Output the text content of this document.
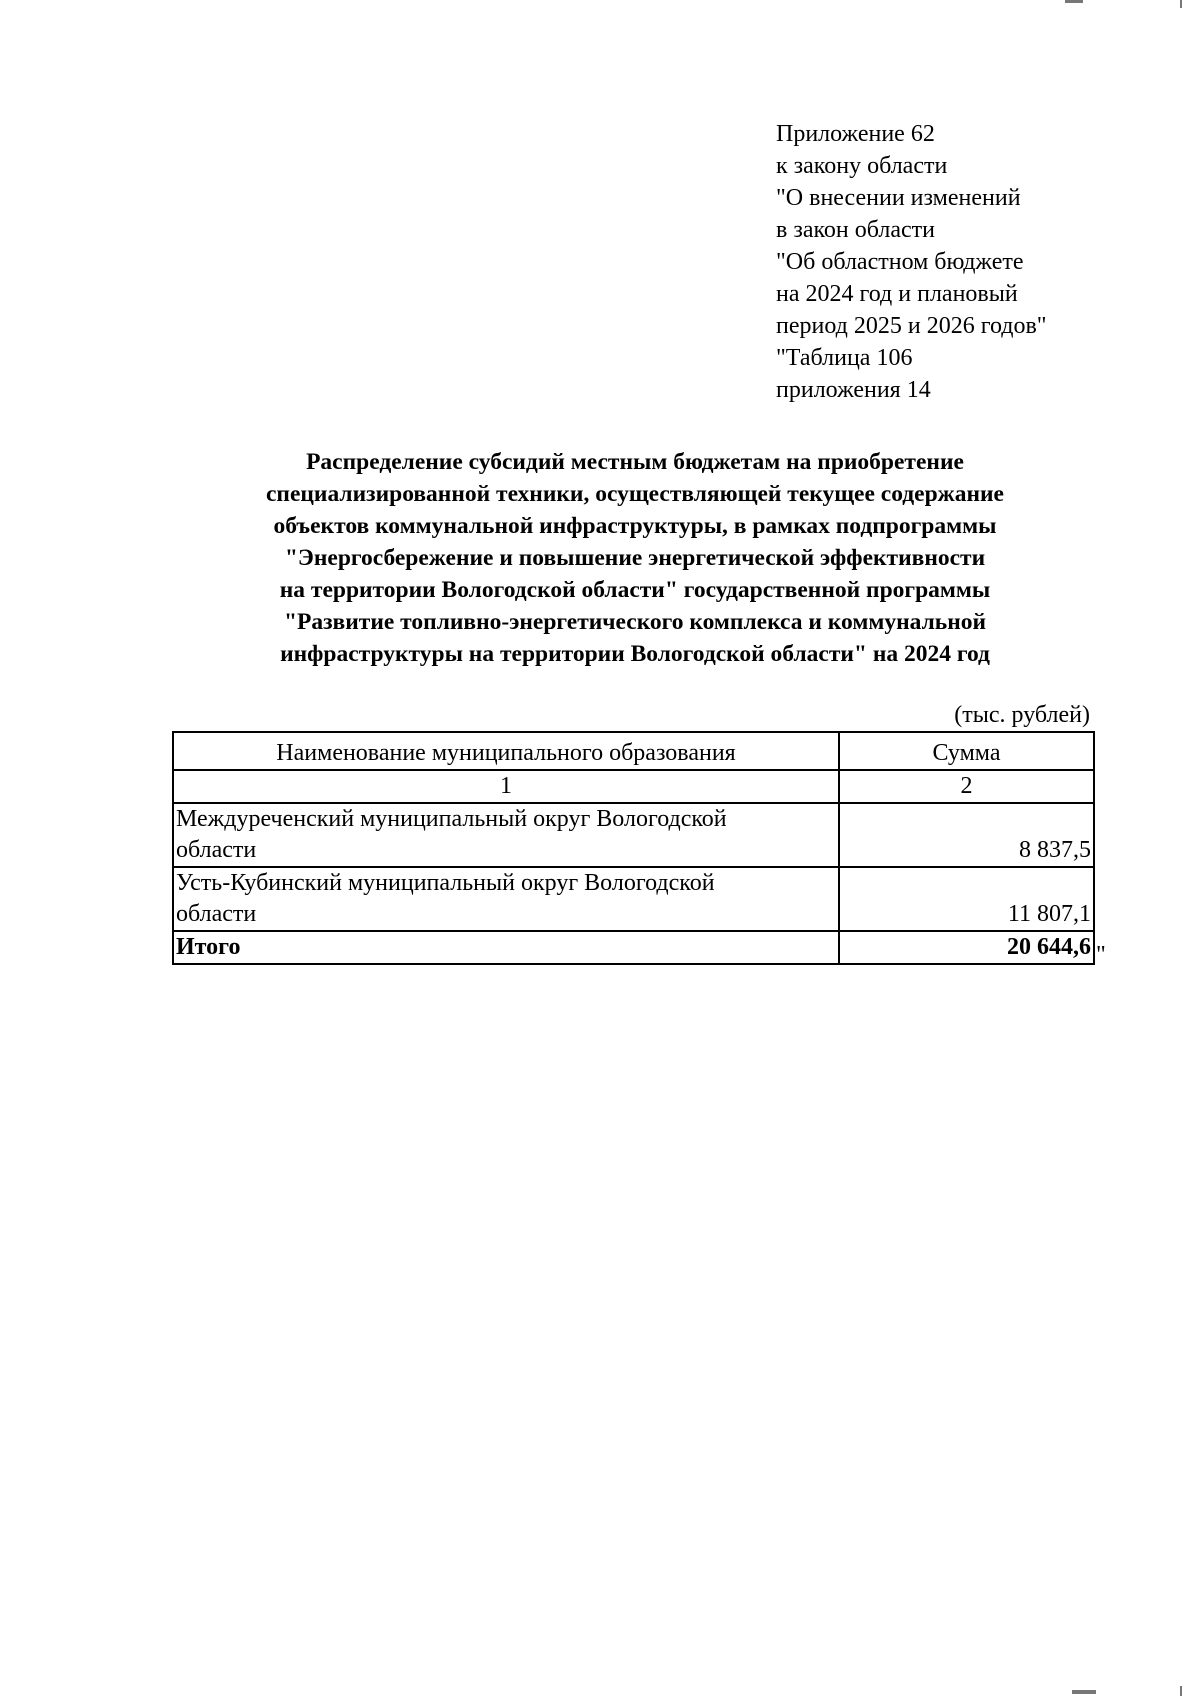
Приложение 62
к закону области
"О внесении изменений
в закон области
"Об областном бюджете
на 2024 год и плановый
период 2025 и 2026 годов"
"Таблица 106
приложения 14
Распределение субсидий местным бюджетам на приобретение
специализированной техники, осуществляющей текущее содержание
объектов коммунальной инфраструктуры, в рамках подпрограммы
"Энергосбережение и повышение энергетической эффективности
на территории Вологодской области" государственной программы
"Развитие топливно-энергетического комплекса и коммунальной
инфраструктуры на территории Вологодской области" на 2024 год
(тыс. рублей)
Наименование муниципального образования	Сумма
1	2

Междуреченский муниципальный округ Вологодской
области	8 837,5

Усть-Кубинский муниципальный округ Вологодской
области	11 807,1
Итого	20 644,6 "
